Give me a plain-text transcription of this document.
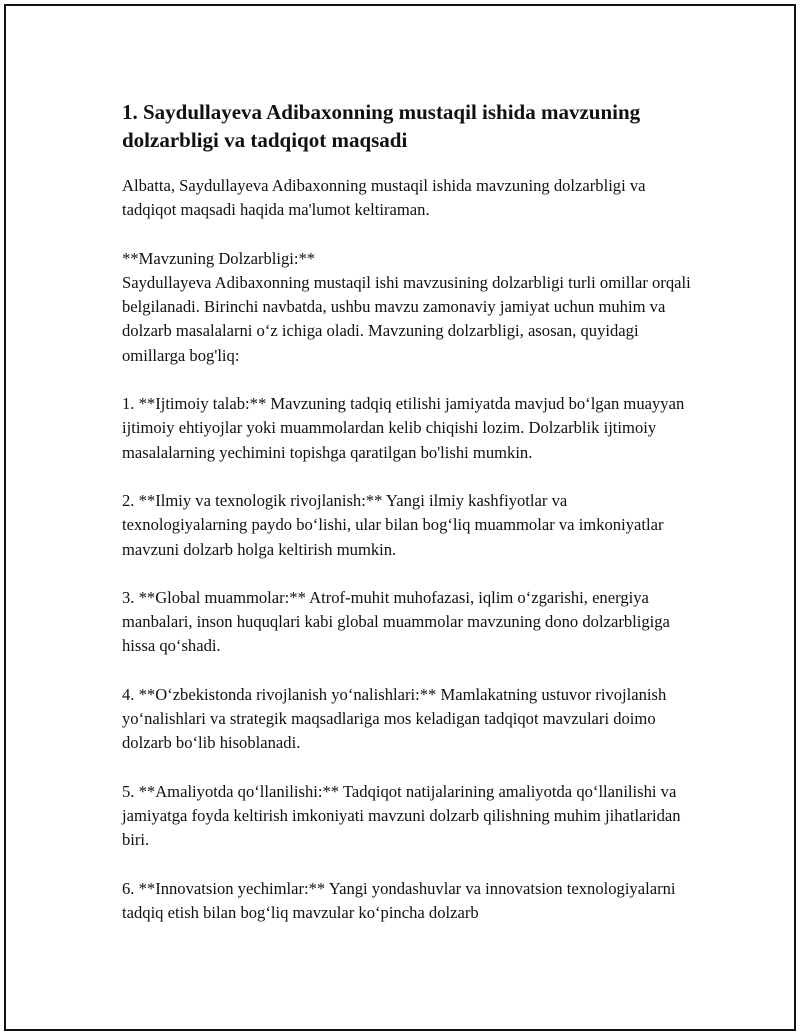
1. Saydullayeva Adibaxonning mustaqil ishida mavzuning dolzarbligi va tadqiqot maqsadi

Albatta, Saydullayeva Adibaxonning mustaqil ishida mavzuning dolzarbligi va tadqiqot maqsadi haqida ma'lumot keltiraman.

**Mavzuning Dolzarbligi:**
Saydullayeva Adibaxonning mustaqil ishi mavzusining dolzarbligi turli omillar orqali belgilanadi. Birinchi navbatda, ushbu mavzu zamonaviy jamiyat uchun muhim va dolzarb masalalarni oʻz ichiga oladi. Mavzuning dolzarbligi, asosan, quyidagi omillarga bog'liq:

1. **Ijtimoiy talab:** Mavzuning tadqiq etilishi jamiyatda mavjud boʻlgan muayyan ijtimoiy ehtiyojlar yoki muammolardan kelib chiqishi lozim. Dolzarblik ijtimoiy masalalarning yechimini topishga qaratilgan bo'lishi mumkin.

2. **Ilmiy va texnologik rivojlanish:** Yangi ilmiy kashfiyotlar va texnologiyalarning paydo boʻlishi, ular bilan bogʻliq muammolar va imkoniyatlar mavzuni dolzarb holga keltirish mumkin.

3. **Global muammolar:** Atrof-muhit muhofazasi, iqlim oʻzgarishi, energiya manbalari, inson huquqlari kabi global muammolar mavzuning dono dolzarbligiga hissa qoʻshadi.

4. **Oʻzbekistonda rivojlanish yoʻnalishlari:** Mamlakatning ustuvor rivojlanish yoʻnalishlari va strategik maqsadlariga mos keladigan tadqiqot mavzulari doimo dolzarb boʻlib hisoblanadi.

5. **Amaliyotda qoʻllanilishi:** Tadqiqot natijalarining amaliyotda qoʻllanilishi va jamiyatga foyda keltirish imkoniyati mavzuni dolzarb qilishning muhim jihatlaridan biri.

6. **Innovatsion yechimlar:** Yangi yondashuvlar va innovatsion texnologiyalarni tadqiq etish bilan bogʻliq mavzular koʻpincha dolzarb
